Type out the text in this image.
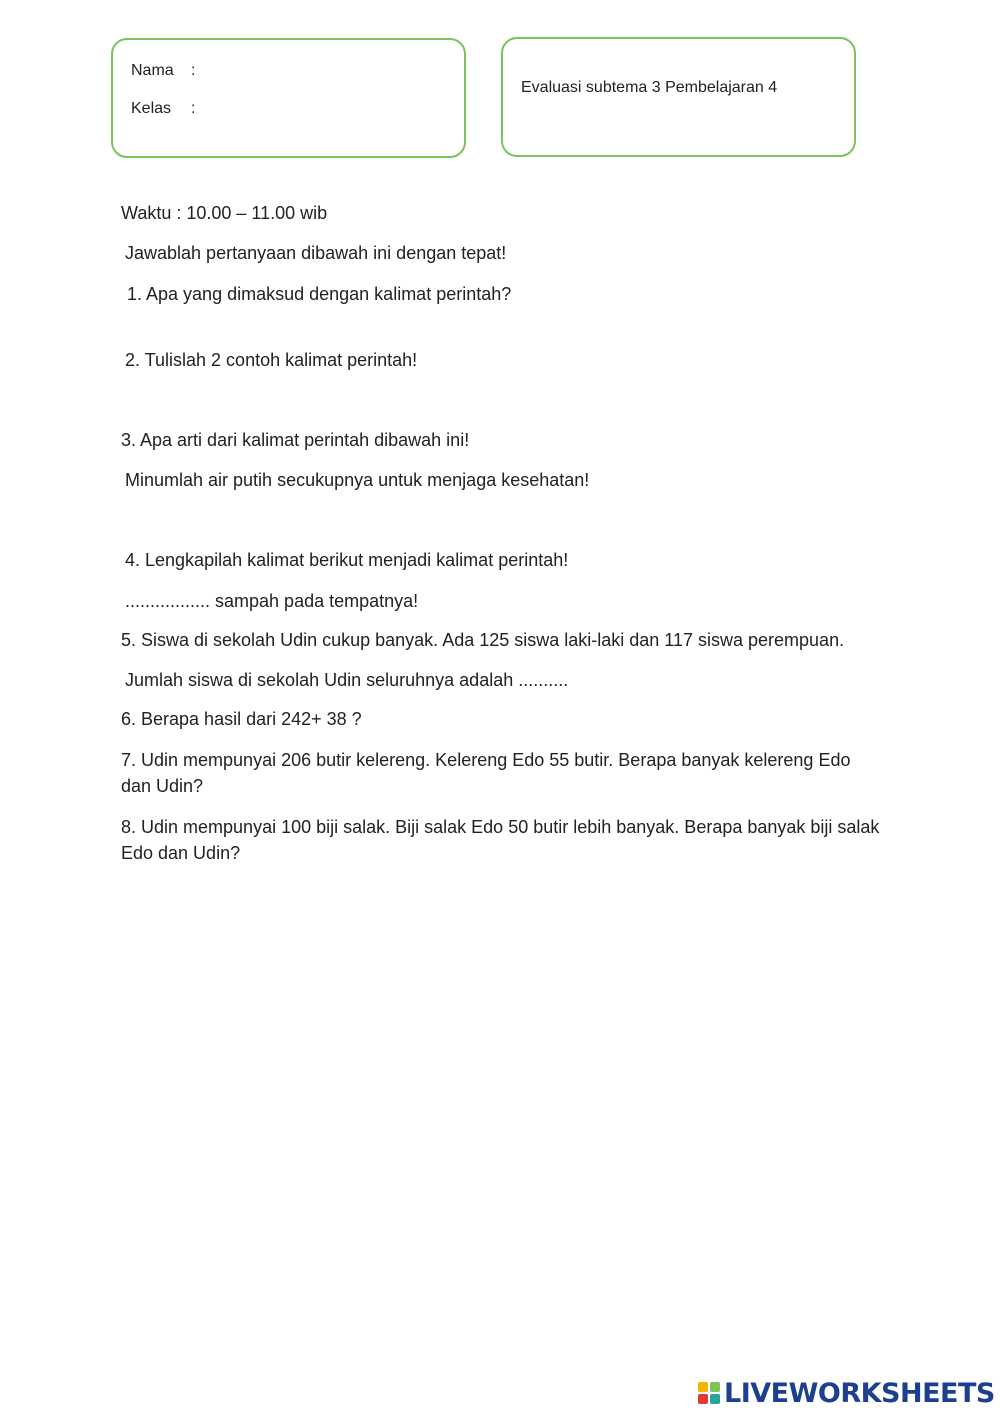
Nama :
Kelas :
Evaluasi subtema 3 Pembelajaran 4
Waktu : 10.00 – 11.00 wib
Jawablah pertanyaan dibawah ini dengan tepat!
1. Apa yang dimaksud dengan kalimat perintah?
2. Tulislah 2 contoh kalimat perintah!
3. Apa arti dari kalimat perintah dibawah ini!
Minumlah air putih secukupnya untuk menjaga kesehatan!
4. Lengkapilah kalimat berikut menjadi kalimat perintah!
................. sampah pada tempatnya!
5. Siswa di sekolah Udin cukup banyak. Ada 125 siswa laki-laki dan 117 siswa perempuan.
Jumlah siswa di sekolah Udin seluruhnya adalah ..........
6. Berapa hasil dari 242+ 38 ?
7. Udin mempunyai 206 butir kelereng. Kelereng Edo 55 butir. Berapa banyak kelereng Edo dan Udin?
8. Udin mempunyai 100 biji salak. Biji salak Edo 50 butir lebih banyak. Berapa banyak biji salak Edo dan Udin?
LIVEWORKSHEETS
